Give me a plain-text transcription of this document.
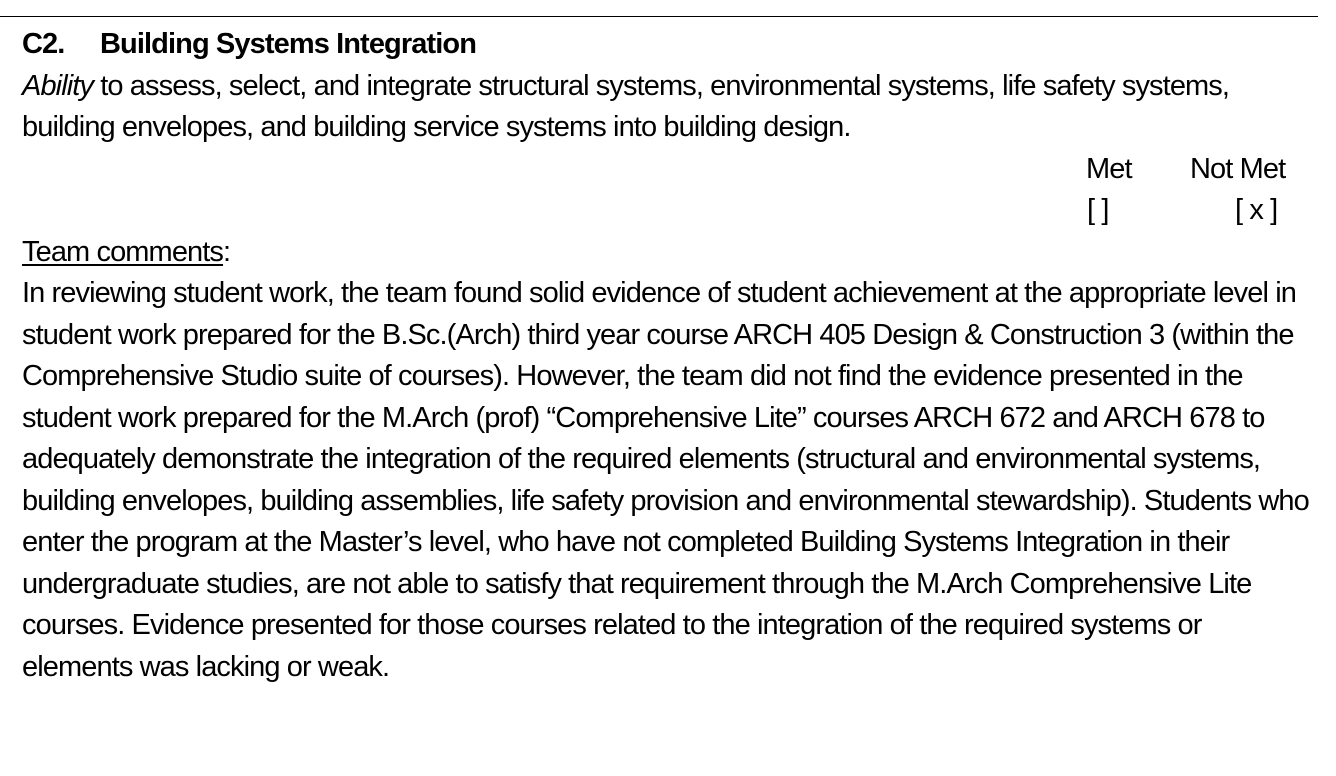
C2. Building Systems Integration

Ability to assess, select, and integrate structural systems, environmental systems, life safety systems, building envelopes, and building service systems into building design.

Met Not Met
[ ]	[ x ]

Team comments:

In reviewing student work, the team found solid evidence of student achievement at the appropriate level in student work prepared for the B.Sc.(Arch) third year course ARCH 405 Design & Construction 3 (within the Comprehensive Studio suite of courses). However, the team did not find the evidence presented in the student work prepared for the M.Arch (prof) “Comprehensive Lite” courses ARCH 672 and ARCH 678 to adequately demonstrate the integration of the required elements (structural and environmental systems, building envelopes, building assemblies, life safety provision and environmental stewardship). Students who enter the program at the Master’s level, who have not completed Building Systems Integration in their undergraduate studies, are not able to satisfy that requirement through the M.Arch Comprehensive Lite courses. Evidence presented for those courses related to the integration of the required systems or elements was lacking or weak.
